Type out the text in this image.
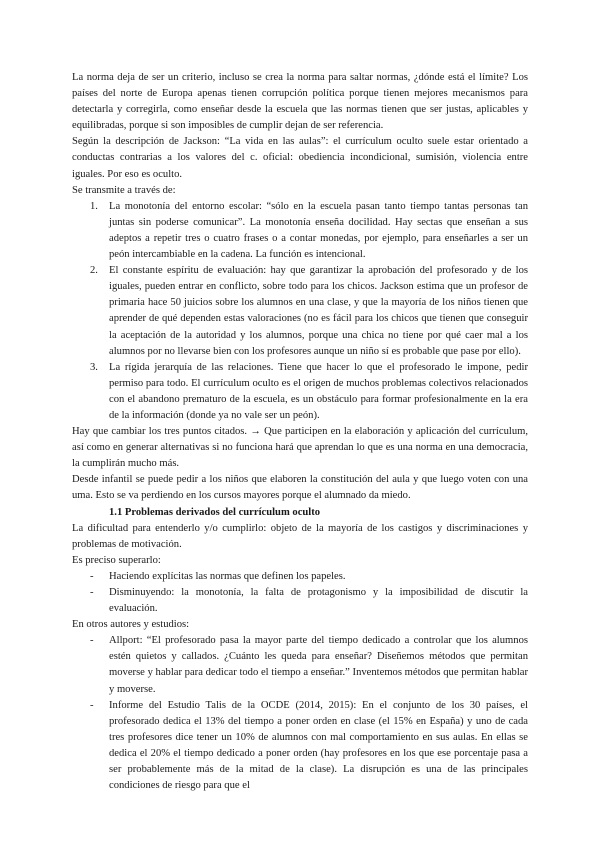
La norma deja de ser un criterio, incluso se crea la norma para saltar normas, ¿dónde está el límite? Los países del norte de Europa apenas tienen corrupción política porque tienen mejores mecanismos para detectarla y corregirla, como enseñar desde la escuela que las normas tienen que ser justas, aplicables y equilibradas, porque si son imposibles de cumplir dejan de ser referencia.

Según la descripción de Jackson: “La vida en las aulas”: el currículum oculto suele estar orientado a conductas contrarias a los valores del c. oficial: obediencia incondicional, sumisión, violencia entre iguales. Por eso es oculto.

Se transmite a través de:

1. La monotonía del entorno escolar: “sólo en la escuela pasan tanto tiempo tantas personas tan juntas sin poderse comunicar”. La monotonía enseña docilidad. Hay sectas que enseñan a sus adeptos a repetir tres o cuatro frases o a contar monedas, por ejemplo, para enseñarles a ser un peón intercambiable en la cadena. La función es intencional.
2. El constante espíritu de evaluación: hay que garantizar la aprobación del profesorado y de los iguales, pueden entrar en conflicto, sobre todo para los chicos. Jackson estima que un profesor de primaria hace 50 juicios sobre los alumnos en una clase, y que la mayoría de los niños tienen que aprender de qué dependen estas valoraciones (no es fácil para los chicos que tienen que conseguir la aceptación de la autoridad y los alumnos, porque una chica no tiene por qué caer mal a los alumnos por no llevarse bien con los profesores aunque un niño sí es probable que pase por ello).
3. La rígida jerarquía de las relaciones. Tiene que hacer lo que el profesorado le impone, pedir permiso para todo. El currículum oculto es el origen de muchos problemas colectivos relacionados con el abandono prematuro de la escuela, es un obstáculo para formar profesionalmente en la era de la información (donde ya no vale ser un peón).

Hay que cambiar los tres puntos citados. → Que participen en la elaboración y aplicación del currículum, así como en generar alternativas si no funciona hará que aprendan lo que es una norma en una democracia, la cumplirán mucho más.

Desde infantil se puede pedir a los niños que elaboren la constitución del aula y que luego voten con una uma. Esto se va perdiendo en los cursos mayores porque el alumnado da miedo.

1.1 Problemas derivados del currículum oculto

La dificultad para entenderlo y/o cumplirlo: objeto de la mayoría de los castigos y discriminaciones y problemas de motivación.

Es preciso superarlo:

- Haciendo explícitas las normas que definen los papeles.
- Disminuyendo: la monotonía, la falta de protagonismo y la imposibilidad de discutir la evaluación.

En otros autores y estudios:

- Allport: “El profesorado pasa la mayor parte del tiempo dedicado a controlar que los alumnos estén quietos y callados. ¿Cuánto les queda para enseñar? Diseñemos métodos que permitan moverse y hablar para dedicar todo el tiempo a enseñar.” Inventemos métodos que permitan hablar y moverse.
- Informe del Estudio Talis de la OCDE (2014, 2015): En el conjunto de los 30 países, el profesorado dedica el 13% del tiempo a poner orden en clase (el 15% en España) y uno de cada tres profesores dice tener un 10% de alumnos con mal comportamiento en sus aulas. En ellas se dedica el 20% el tiempo dedicado a poner orden (hay profesores en los que ese porcentaje pasa a ser probablemente más de la mitad de la clase). La disrupción es una de las principales condiciones de riesgo para que el
